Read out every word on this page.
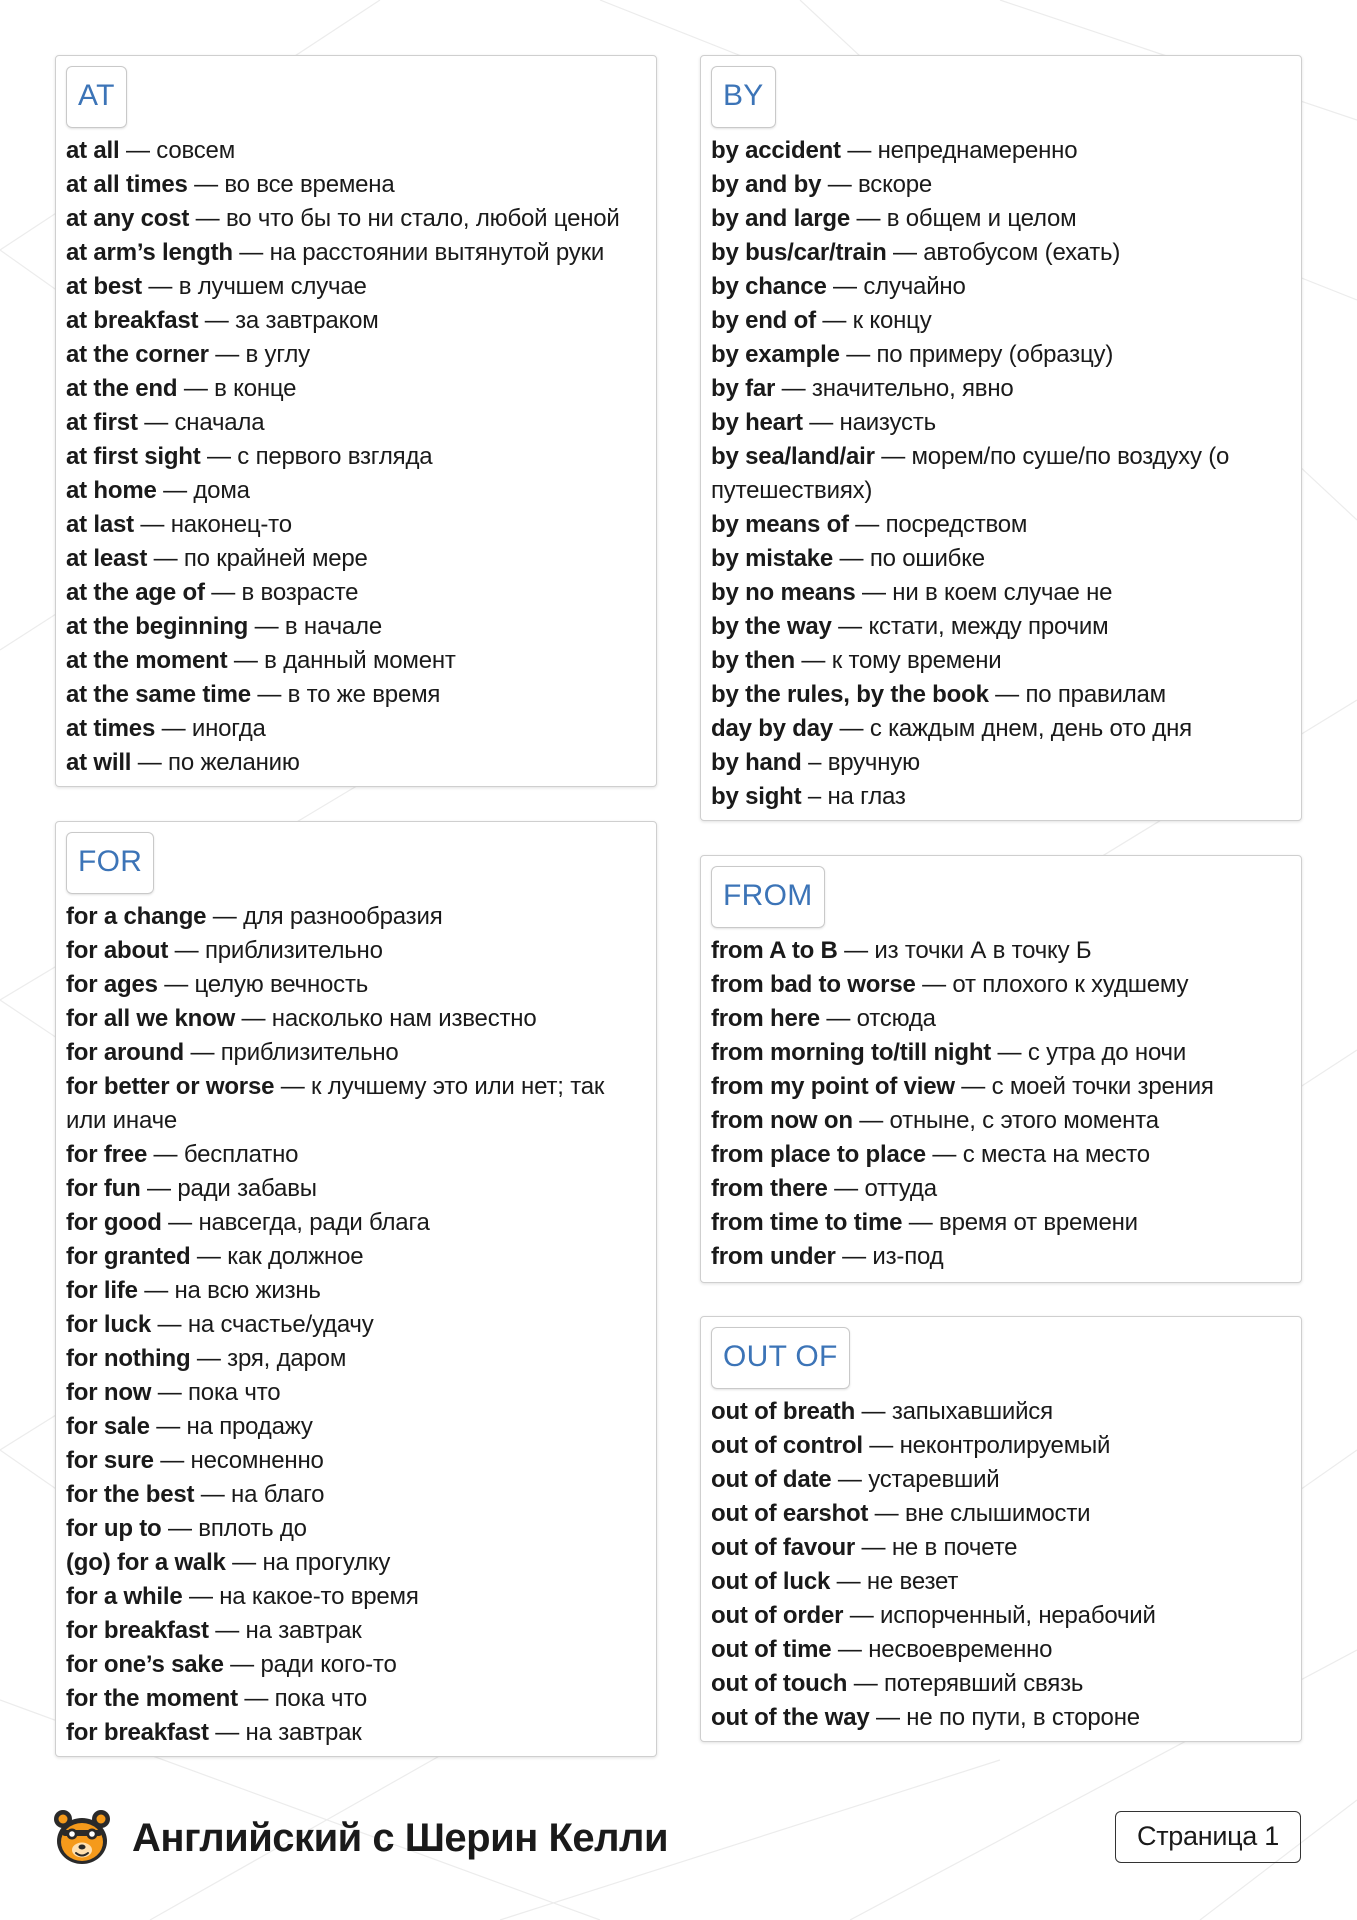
AT
at all — совсем
at all times — во все времена
at any cost — во что бы то ни стало, любой ценой
at arm’s length — на расстоянии вытянутой руки
at best — в лучшем случае
at breakfast — за завтраком
at the corner — в углу
at the end — в конце
at first — сначала
at first sight — с первого взгляда
at home — дома
at last — наконец-то
at least — по крайней мере
at the age of — в возрасте
at the beginning — в начале
at the moment — в данный момент
at the same time — в то же время
at times — иногда
at will — по желанию
BY
by accident — непреднамеренно
by and by — вскоре
by and large — в общем и целом
by bus/car/train — автобусом (ехать)
by chance — случайно
by end of — к концу
by example — по примеру (образцу)
by far — значительно, явно
by heart — наизусть
by sea/land/air — морем/по суше/по воздуху (о путешествиях)
by means of — посредством
by mistake — по ошибке
by no means — ни в коем случае не
by the way — кстати, между прочим
by then — к тому времени
by the rules, by the book — по правилам
day by day — с каждым днем, день ото дня
by hand – вручную
by sight – на глаз
FOR
for a change — для разнообразия
for about — приблизительно
for ages — целую вечность
for all we know — насколько нам известно
for around — приблизительно
for better or worse — к лучшему это или нет; так или иначе
for free — бесплатно
for fun — ради забавы
for good — навсегда, ради блага
for granted — как должное
for life — на всю жизнь
for luck — на счастье/удачу
for nothing — зря, даром
for now — пока что
for sale — на продажу
for sure — несомненно
for the best — на благо
for up to — вплоть до
(go) for a walk — на прогулку
for a while — на какое-то время
for breakfast — на завтрак
for one’s sake — ради кого-то
for the moment — пока что
for breakfast — на завтрак
FROM
from A to B — из точки А в точку Б
from bad to worse — от плохого к худшему
from here — отсюда
from morning to/till night — с утра до ночи
from my point of view — с моей точки зрения
from now on — отныне, с этого момента
from place to place — с места на место
from there — оттуда
from time to time — время от времени
from under — из-под
OUT OF
out of breath — запыхавшийся
out of control — неконтролируемый
out of date — устаревший
out of earshot — вне слышимости
out of favour — не в почете
out of luck — не везет
out of order — испорченный, нерабочий
out of time — несвоевременно
out of touch — потерявший связь
out of the way — не по пути, в стороне
Английский с Шерин Келли	Страница 1
